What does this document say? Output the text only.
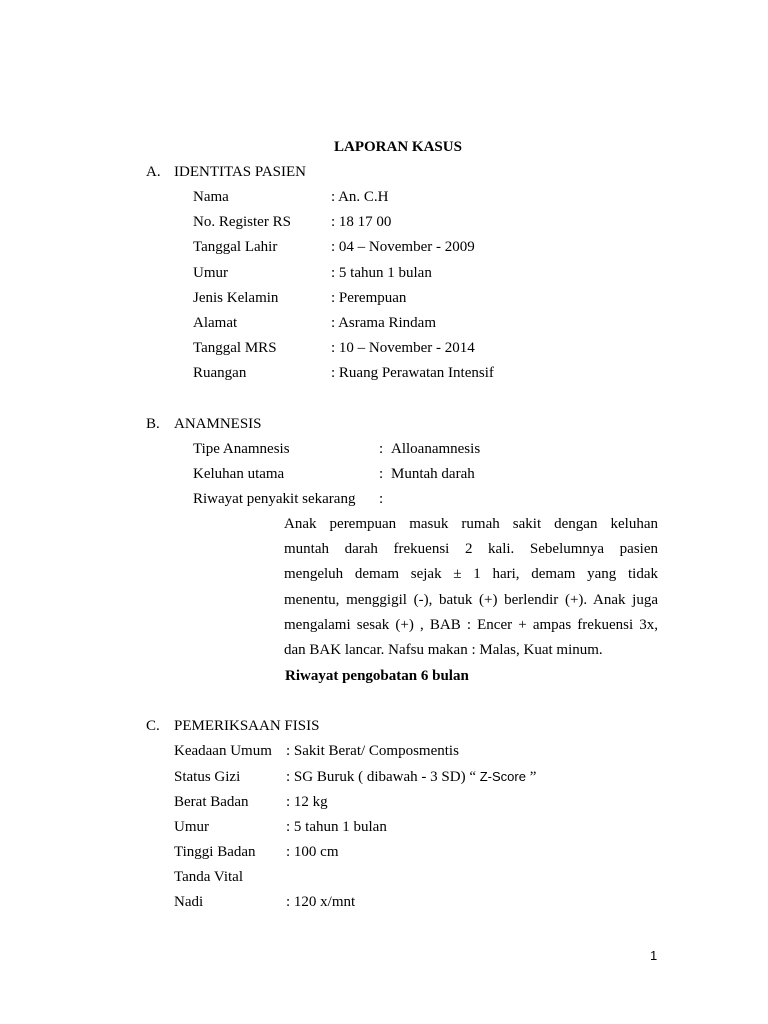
LAPORAN KASUS
A. IDENTITAS PASIEN
Nama	: An. C.H
No. Register RS	: 18 17 00
Tanggal Lahir	: 04 – November - 2009
Umur	: 5 tahun 1 bulan
Jenis Kelamin	: Perempuan
Alamat	: Asrama Rindam
Tanggal MRS	: 10 – November - 2014
Ruangan	: Ruang Perawatan Intensif
B. ANAMNESIS
Tipe Anamnesis	: Alloanamnesis
Keluhan utama	: Muntah darah
Riwayat penyakit sekarang :
Anak perempuan masuk rumah sakit dengan keluhan
muntah darah frekuensi 2 kali. Sebelumnya pasien
mengeluh demam sejak ± 1 hari, demam yang tidak
menentu, menggigil (-), batuk (+) berlendir (+). Anak juga
mengalami sesak (+) , BAB : Encer + ampas frekuensi 3x,
dan BAK lancar. Nafsu makan : Malas, Kuat minum.
Riwayat pengobatan 6 bulan
C. PEMERIKSAAN FISIS
Keadaan Umum : Sakit Berat/ Composmentis
Status Gizi	: SG Buruk ( dibawah - 3 SD) “ Z-Score ”
Berat Badan : 12 kg
Umur	: 5 tahun 1 bulan
Tinggi Badan : 100 cm
Tanda Vital
Nadi	: 120 x/mnt
1
